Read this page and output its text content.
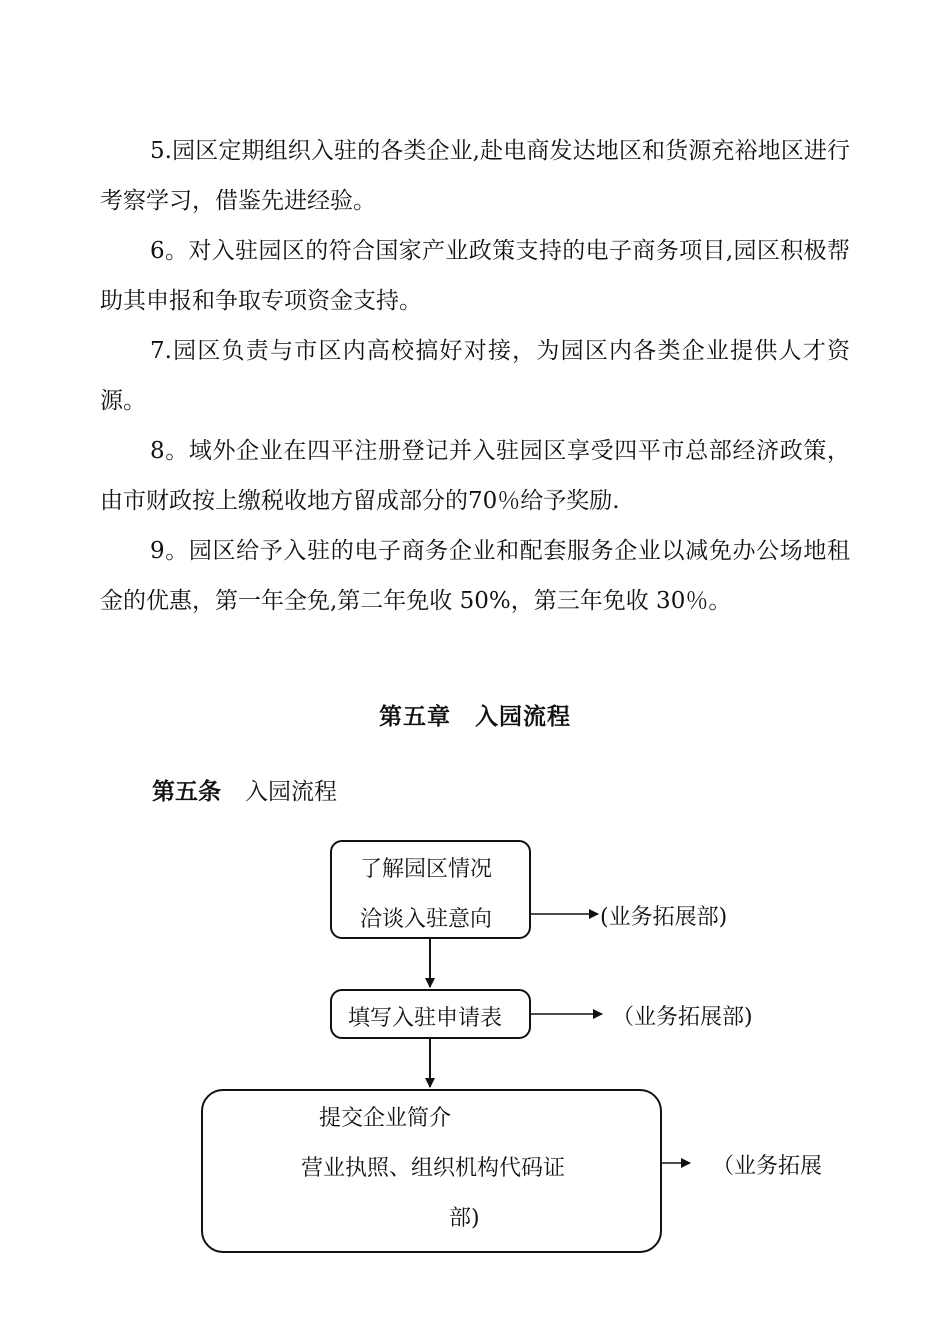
5.园区定期组织入驻的各类企业,赴电商发达地区和货源充裕地区进行考察学习，借鉴先进经验。

6。对入驻园区的符合国家产业政策支持的电子商务项目,园区积极帮助其申报和争取专项资金支持。

7.园区负责与市区内高校搞好对接，为园区内各类企业提供人才资源。

8。域外企业在四平注册登记并入驻园区享受四平市总部经济政策，由市财政按上缴税收地方留成部分的70％给予奖励.

9。园区给予入驻的电子商务企业和配套服务企业以减免办公场地租金的优惠，第一年全免,第二年免收 50%，第三年免收 30％。

第五章　入园流程
第五条 入园流程
了解园区情况
洽谈入驻意向	(业务拓展部)
填写入驻申请表	（业务拓展部)
提交企业简介
营业执照、组织机构代码证
部)
（业务拓展
